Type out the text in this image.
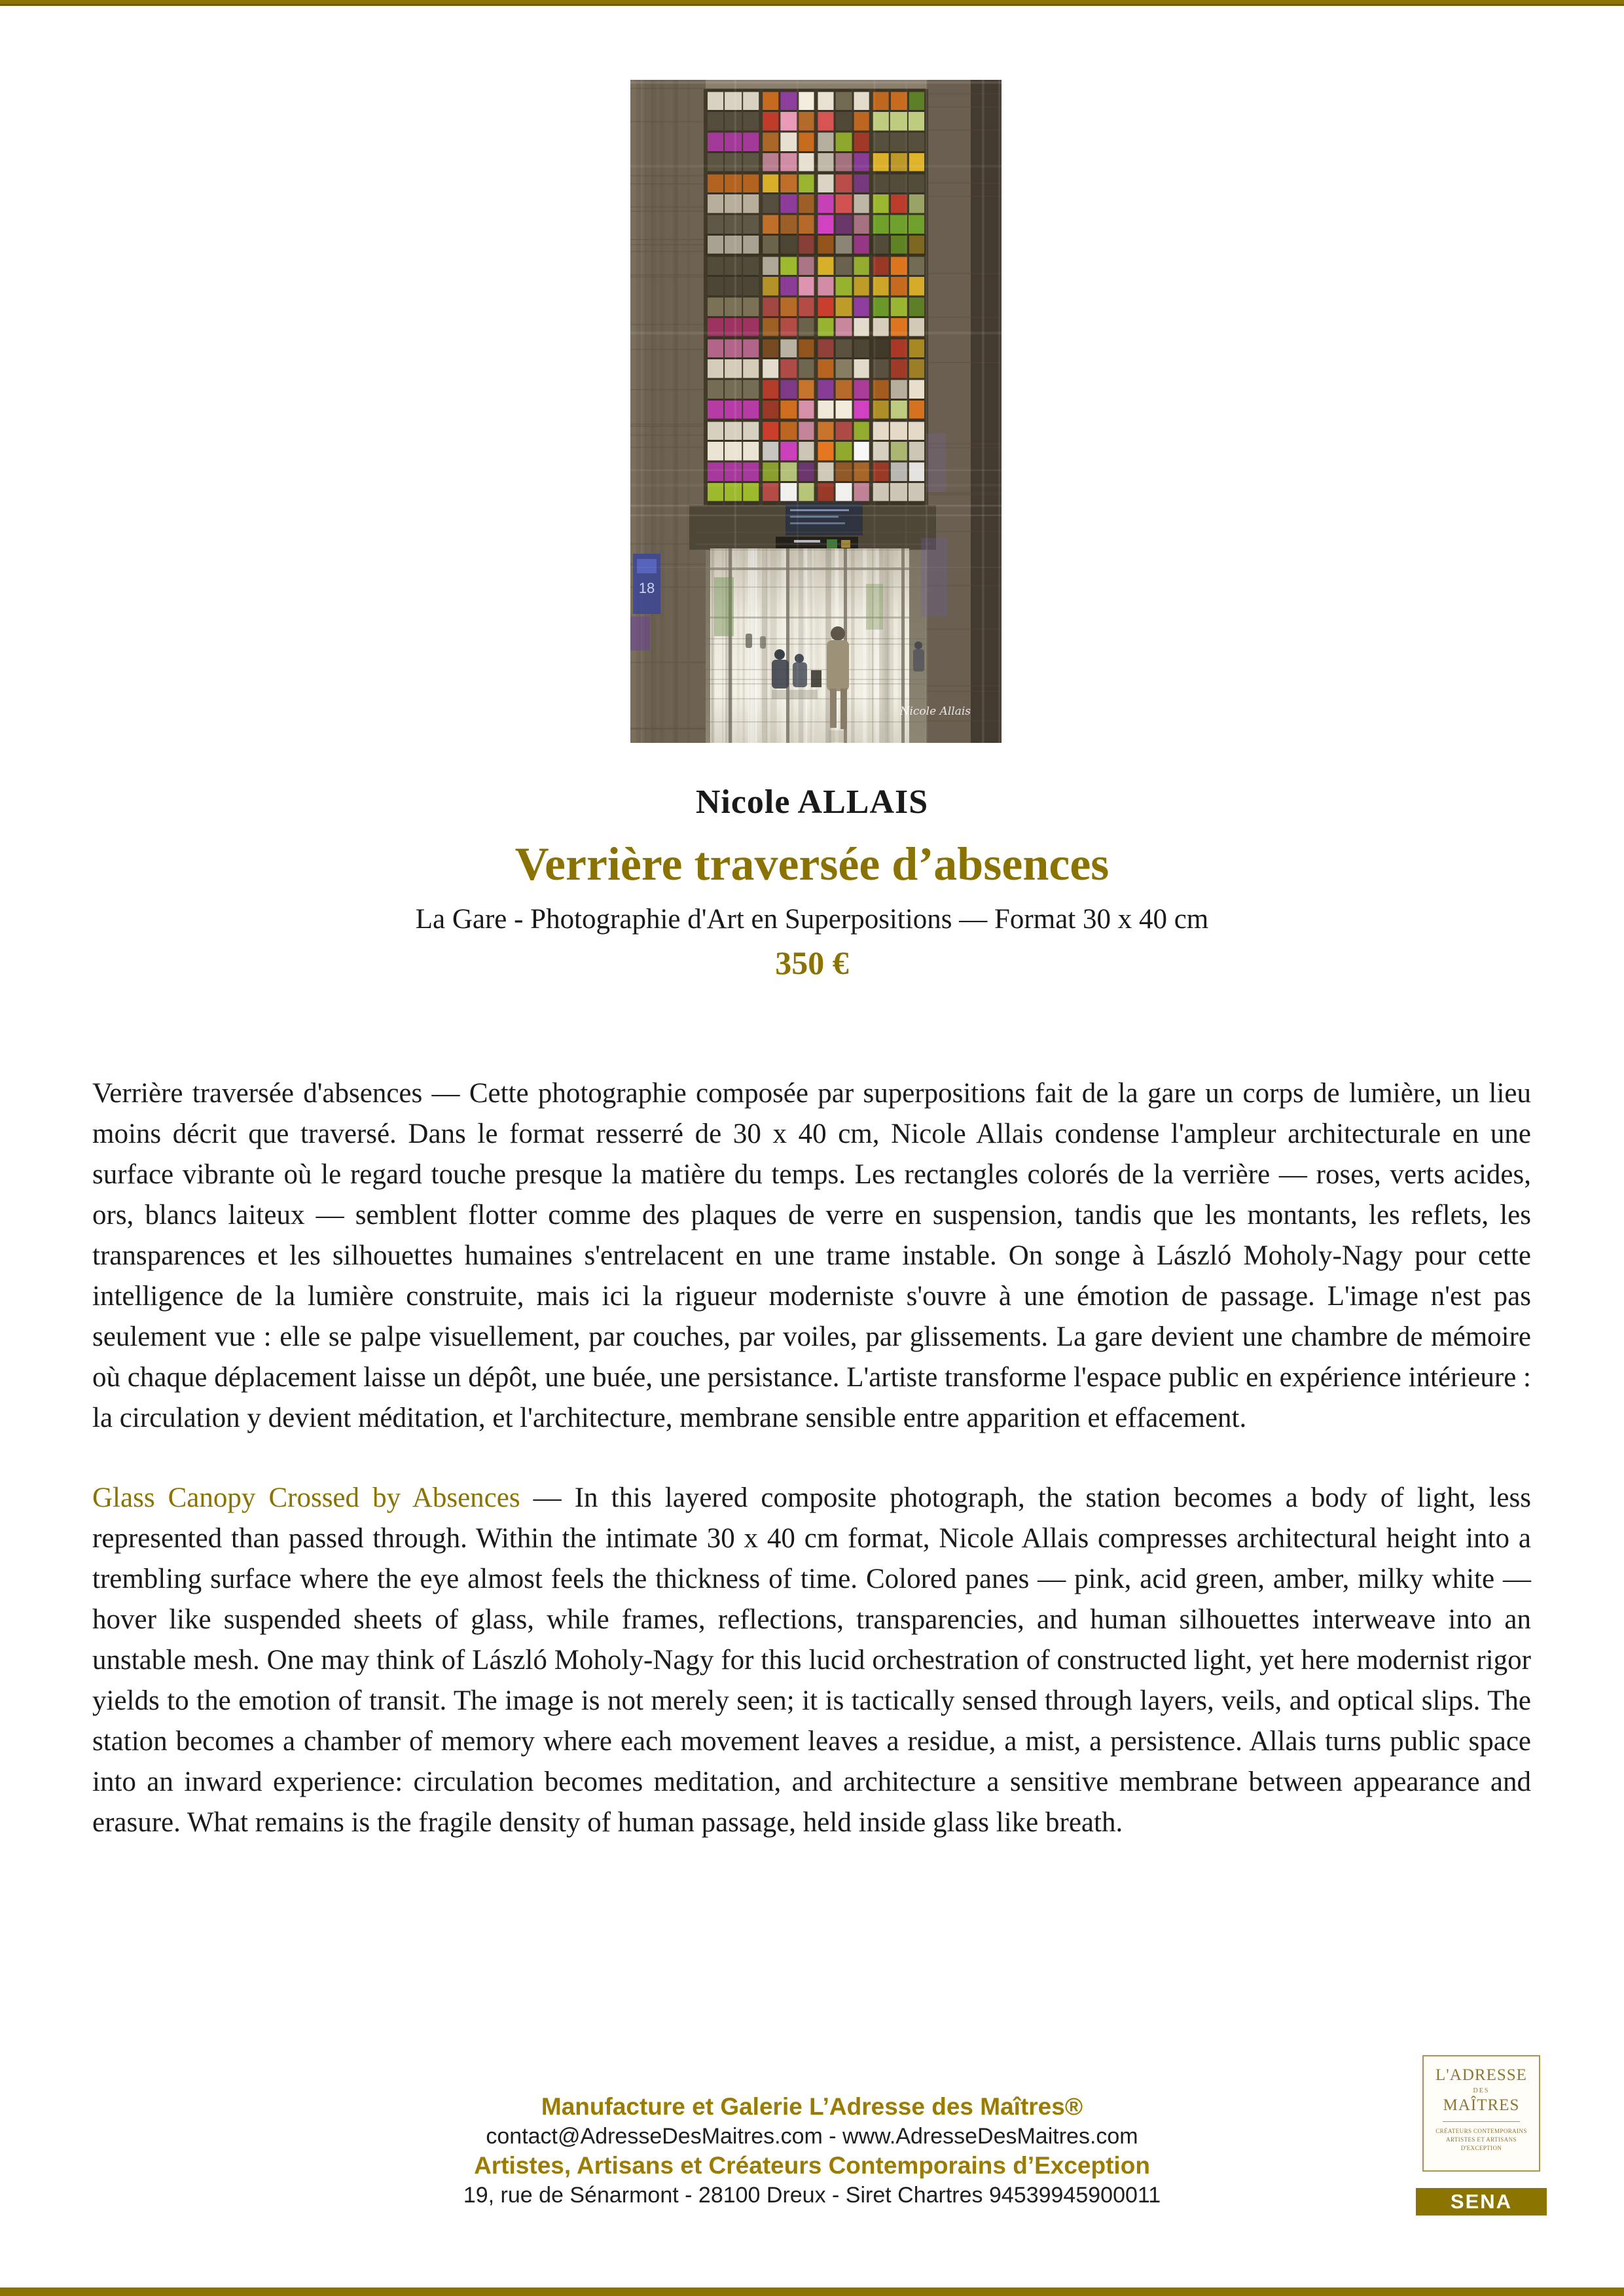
18
Nicole Allais
Nicole ALLAIS
Verrière traversée d’absences

La Gare - Photographie d'Art en Superpositions — Format 30 x 40 cm

350 €

Verrière traversée d'absences — Cette photographie composée par superpositions fait de la gare un corps de lumière, un lieu moins décrit que traversé. Dans le format resserré de 30 x 40 cm, Nicole Allais condense l'ampleur architecturale en une surface vibrante où le regard touche presque la matière du temps. Les rectangles colorés de la verrière — roses, verts acides, ors, blancs laiteux — semblent flotter comme des plaques de verre en suspension, tandis que les montants, les reflets, les transparences et les silhouettes humaines s'entrelacent en une trame instable. On songe à László Moholy-Nagy pour cette intelligence de la lumière construite, mais ici la rigueur moderniste s'ouvre à une émotion de passage. L'image n'est pas seulement vue : elle se palpe visuellement, par couches, par voiles, par glissements. La gare devient une chambre de mémoire où chaque déplacement laisse un dépôt, une buée, une persistance. L'artiste transforme l'espace public en expérience intérieure : la circulation y devient méditation, et l'architecture, membrane sensible entre apparition et effacement.

Glass Canopy Crossed by Absences — In this layered composite photograph, the station becomes a body of light, less represented than passed through. Within the intimate 30 x 40 cm format, Nicole Allais compresses architectural height into a trembling surface where the eye almost feels the thickness of time. Colored panes — pink, acid green, amber, milky white — hover like suspended sheets of glass, while frames, reflections, transparencies, and human silhouettes interweave into an unstable mesh. One may think of László Moholy-Nagy for this lucid orchestration of constructed light, yet here modernist rigor yields to the emotion of transit. The image is not merely seen; it is tactically sensed through layers, veils, and optical slips. The station becomes a chamber of memory where each movement leaves a residue, a mist, a persistence. Allais turns public space into an inward experience: circulation becomes meditation, and architecture a sensitive membrane between appearance and erasure. What remains is the fragile density of human passage, held inside glass like breath.

Manufacture et Galerie L’Adresse des Maîtres®

contact@AdresseDesMaitres.com - www.AdresseDesMaitres.com

Artistes, Artisans et Créateurs Contemporains d’Exception

19, rue de Sénarmont - 28100 Dreux - Siret Chartres 94539945900011

L'ADRESSE
DES
MAÎTRES
CRÉATEURS CONTEMPORAINS
ARTISTES ET ARTISANS
D'EXCEPTION
SENA
